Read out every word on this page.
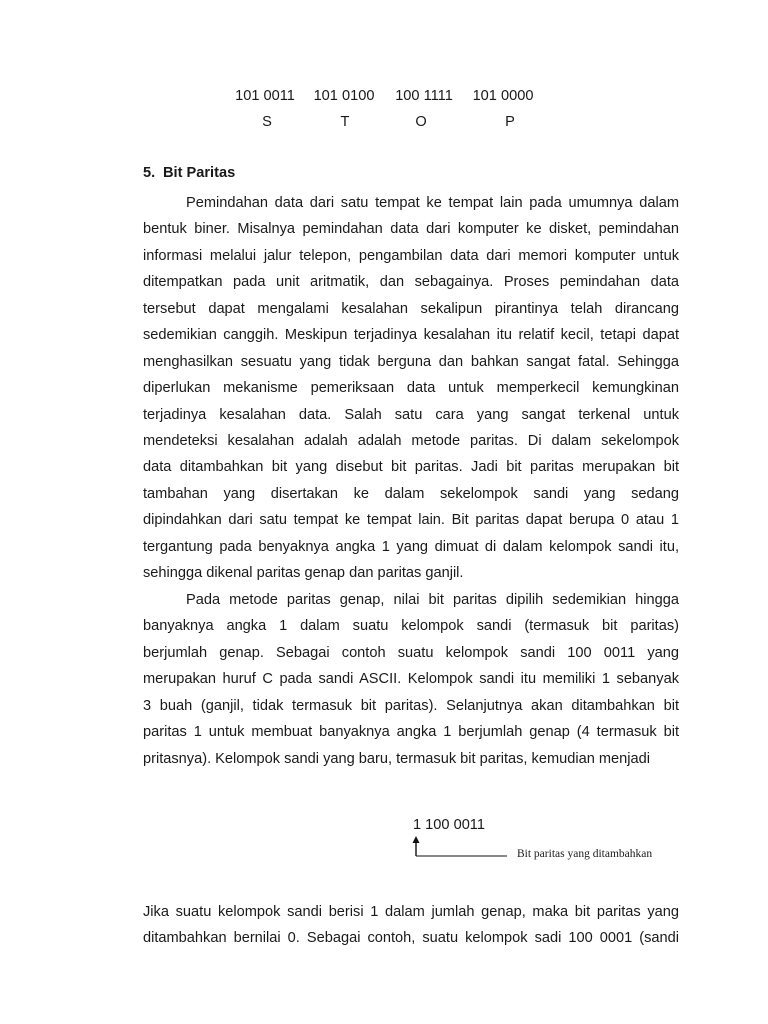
101 0011	101 0100	100 1111	101 0000
S	T	O	P
5. Bit Paritas
Pemindahan data dari satu tempat ke tempat lain pada umumnya dalam
bentuk biner. Misalnya pemindahan data dari komputer ke disket, pemindahan
informasi melalui jalur telepon, pengambilan data dari memori komputer untuk
ditempatkan pada unit aritmatik, dan sebagainya. Proses pemindahan data
tersebut dapat mengalami kesalahan sekalipun pirantinya telah dirancang
sedemikian canggih. Meskipun terjadinya kesalahan itu relatif kecil, tetapi dapat
menghasilkan sesuatu yang tidak berguna dan bahkan sangat fatal. Sehingga
diperlukan mekanisme pemeriksaan data untuk memperkecil kemungkinan
terjadinya kesalahan data. Salah satu cara yang sangat terkenal untuk
mendeteksi kesalahan adalah adalah metode paritas. Di dalam sekelompok
data ditambahkan bit yang disebut bit paritas. Jadi bit paritas merupakan bit
tambahan yang disertakan ke dalam sekelompok sandi yang sedang
dipindahkan dari satu tempat ke tempat lain. Bit paritas dapat berupa 0 atau 1
tergantung pada benyaknya angka 1 yang dimuat di dalam kelompok sandi itu,
sehingga dikenal paritas genap dan paritas ganjil.
Pada metode paritas genap, nilai bit paritas dipilih sedemikian hingga
banyaknya angka 1 dalam suatu kelompok sandi (termasuk bit paritas)
berjumlah genap. Sebagai contoh suatu kelompok sandi 100 0011 yang
merupakan huruf C pada sandi ASCII. Kelompok sandi itu memiliki 1 sebanyak
3 buah (ganjil, tidak termasuk bit paritas). Selanjutnya akan ditambahkan bit
paritas 1 untuk membuat banyaknya angka 1 berjumlah genap (4 termasuk bit
pritasnya). Kelompok sandi yang baru, termasuk bit paritas, kemudian menjadi
1 100 0011
Bit paritas yang ditambahkan
Jika suatu kelompok sandi berisi 1 dalam jumlah genap, maka bit paritas yang
ditambahkan bernilai 0. Sebagai contoh, suatu kelompok sadi 100 0001 (sandi
